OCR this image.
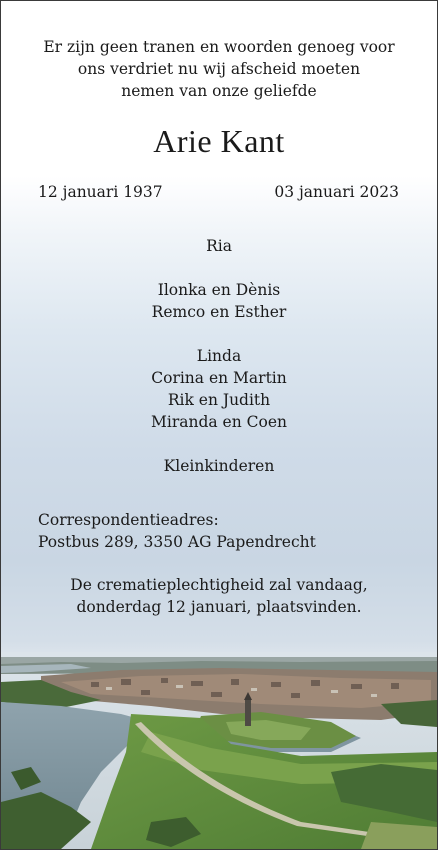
Er zijn geen tranen en woorden genoeg voor
ons verdriet nu wij afscheid moeten
nemen van onze geliefde
Arie Kant
12 januari 1937	03 januari 2023
Ria
Ilonka en Dènis
Remco en Esther
Linda
Corina en Martin
Rik en Judith
Miranda en Coen
Kleinkinderen
Correspondentieadres:
Postbus 289, 3350 AG Papendrecht
De crematieplechtigheid zal vandaag,
donderdag 12 januari, plaatsvinden.
